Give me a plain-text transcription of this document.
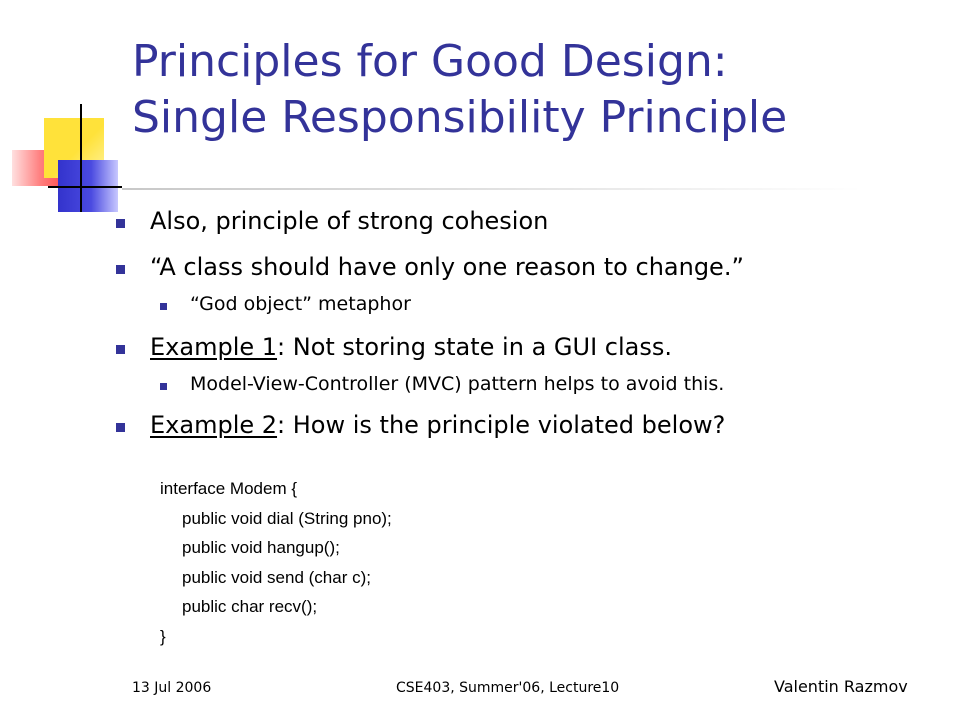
Principles for Good Design:
Single Responsibility Principle
Also, principle of strong cohesion
“A class should have only one reason to change.”
“God object” metaphor
Example 1: Not storing state in a GUI class.
Model-View-Controller (MVC) pattern helps to avoid this.
Example 2: How is the principle violated below?
interface Modem {
public void dial (String pno);
public void hangup();
public void send (char c);
public char recv();
}
13 Jul 2006	CSE403, Summer'06, Lecture10	Valentin Razmov
